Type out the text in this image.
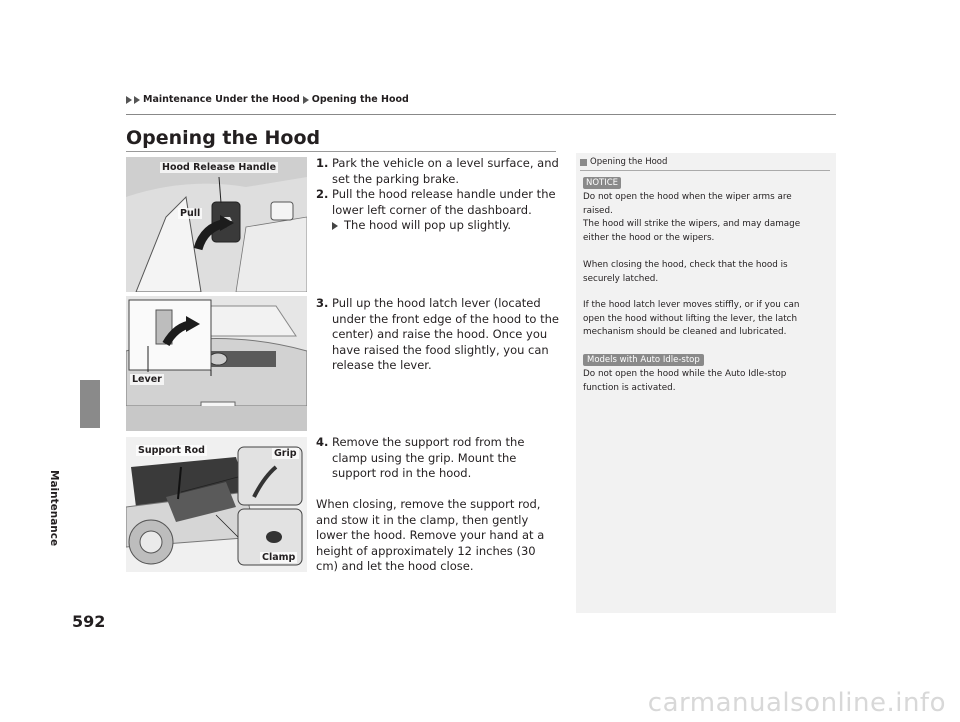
Maintenance Under the Hood Opening the Hood
Maintenance
592
Opening the Hood
Hood Release Handle
Pull
Lever
Support Rod	Grip
Clamp
1. Park the vehicle on a level surface, and set the parking brake.
2. Pull the hood release handle under the lower left corner of the dashboard.
The hood will pop up slightly.
3. Pull up the hood latch lever (located under the front edge of the hood to the center) and raise the hood. Once you have raised the food slightly, you can release the lever.
4. Remove the support rod from the clamp using the grip. Mount the support rod in the hood.
When closing, remove the support rod, and stow it in the clamp, then gently lower the hood. Remove your hand at a height of approximately 12 inches (30 cm) and let the hood close.
Opening the Hood
NOTICE
Do not open the hood when the wiper arms are raised.
The hood will strike the wipers, and may damage either the hood or the wipers.
When closing the hood, check that the hood is securely latched.
If the hood latch lever moves stiffly, or if you can open the hood without lifting the lever, the latch mechanism should be cleaned and lubricated.
Models with Auto Idle-stop
Do not open the hood while the Auto Idle-stop function is activated.
carmanualsonline.info
